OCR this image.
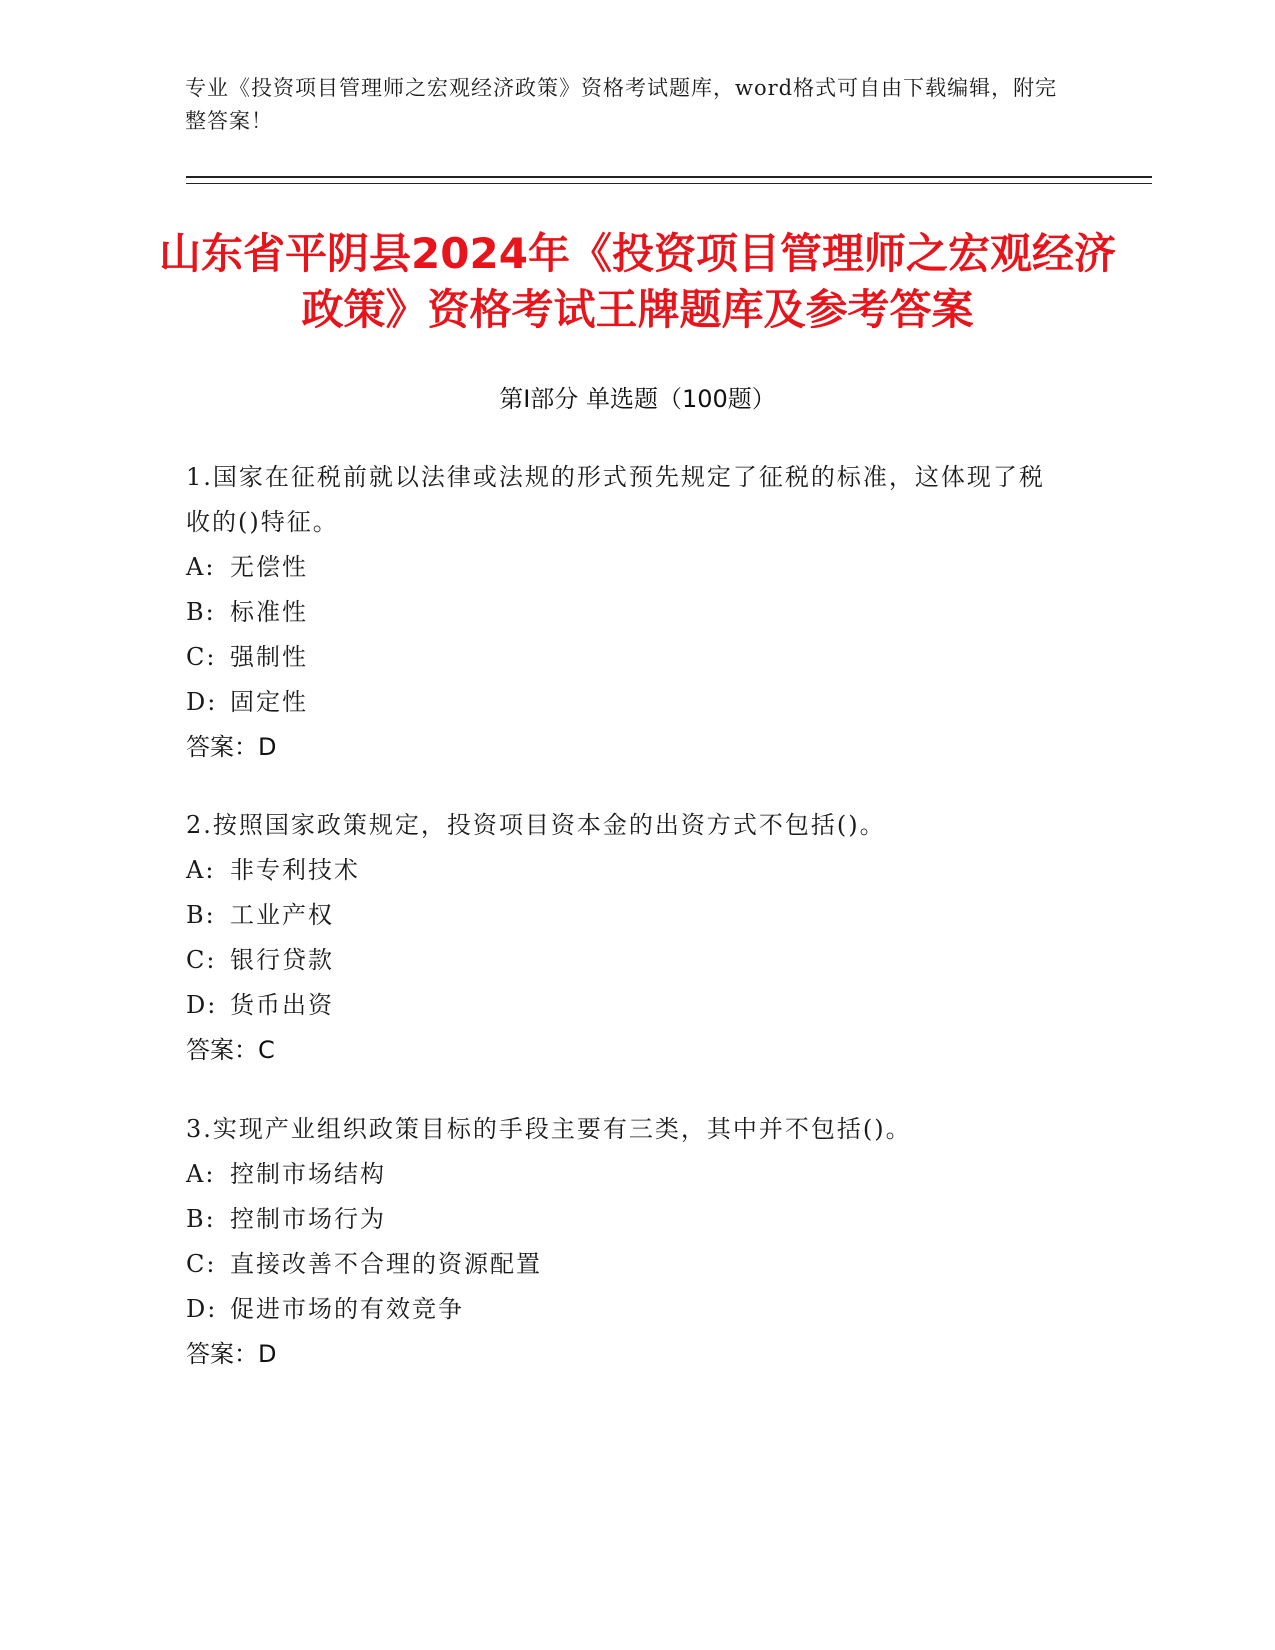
专业《投资项目管理师之宏观经济政策》资格考试题库，word格式可自由下载编辑，附完整答案！
山东省平阴县2024年《投资项目管理师之宏观经济政策》资格考试王牌题库及参考答案
第Ⅰ部分 单选题（100题）

1.国家在征税前就以法律或法规的形式预先规定了征税的标准，这体现了税收的()特征。

A: 无偿性

B: 标准性

C: 强制性

D: 固定性

答案：D

2.按照国家政策规定，投资项目资本金的出资方式不包括()。

A: 非专利技术

B: 工业产权

C: 银行贷款

D: 货币出资

答案：C

3.实现产业组织政策目标的手段主要有三类，其中并不包括()。

A: 控制市场结构

B: 控制市场行为

C: 直接改善不合理的资源配置

D: 促进市场的有效竞争

答案：D
